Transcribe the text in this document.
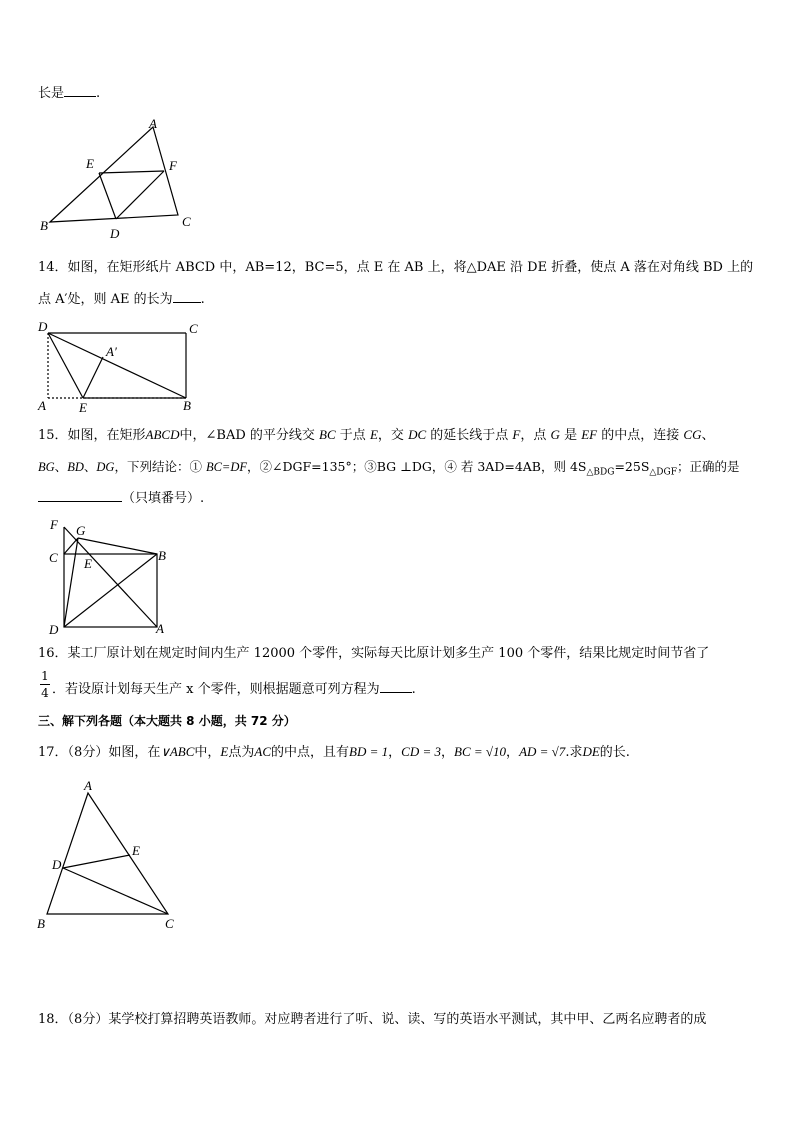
长是 .
A
E	F
B
D
C
14．如图，在矩形纸片 ABCD 中，AB=12，BC=5，点 E 在 AB 上，将△DAE 沿 DE 折叠，使点 A 落在对角线 BD 上的
点 A′处，则 AE 的长为 .
D	C
A′
A	E	B
15．如图，在矩形ABCD中，∠BAD 的平分线交 BC 于点 E，交 DC 的延长线于点 F，点 G 是 EF 的中点，连接 CG、
BG、BD、DG，下列结论：① BC=DF，②∠DGF=135°；③BG ⊥DG，④ 若 3AD=4AB，则 $4S_{\triangle BDG}=25S_{\triangle DGF}$；正确的是
（只填番号）.
F G
C E
B
D	A
16．某工厂原计划在规定时间内生产 12000 个零件，实际每天比原计划多生产 100 个零件，结果比规定时间节省了
1
4 ．若设原计划每天生产 x 个零件，则根据题意可列方程为 .
三、解下列各题（本大题共 8 小题，共 72 分）
17．（8分）如图，在∨ABC中，E点为AC的中点，且有BD = 1，CD = 3，BC = √10，AD = √7.求DE的长.
A
E
D
B	C
18．（8分）某学校打算招聘英语教师。对应聘者进行了听、说、读、写的英语水平测试，其中甲、乙两名应聘者的成
